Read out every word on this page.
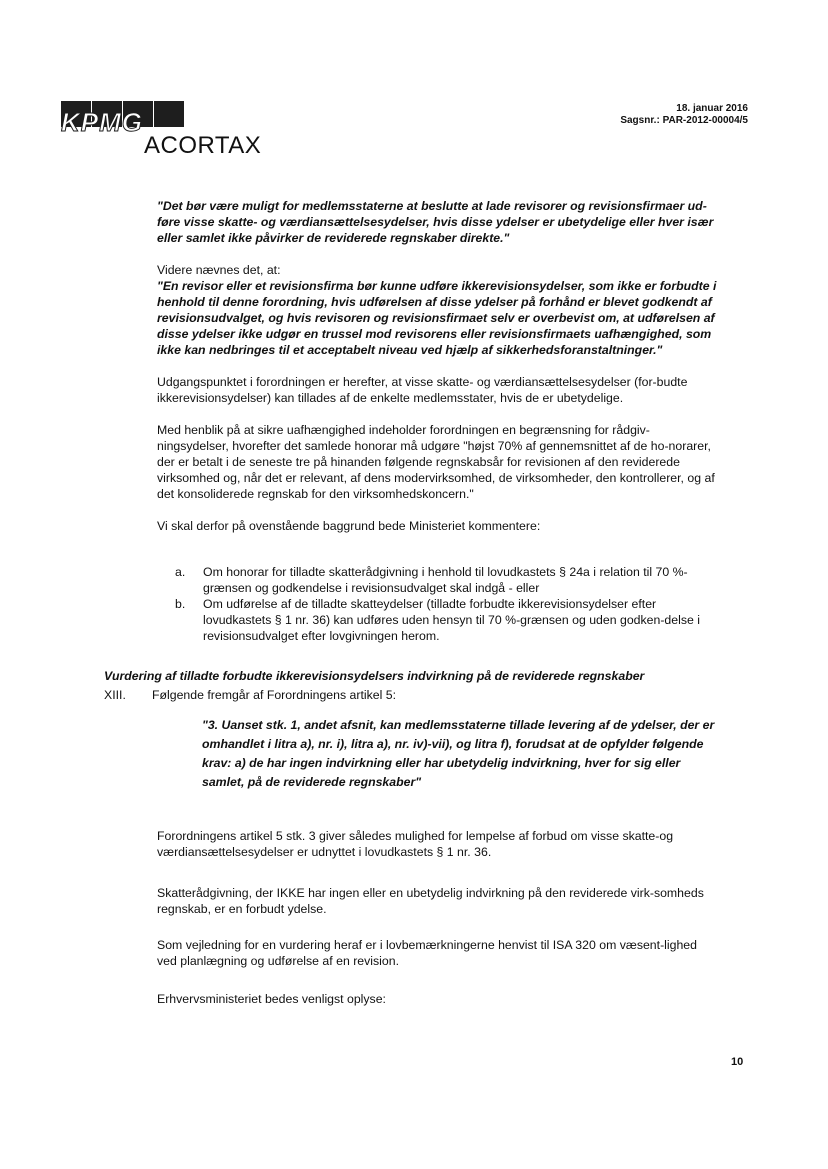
KPMG
ACORTAX
18. januar 2016
Sagsnr.: PAR-2012-00004/5

"Det bør være muligt for medlemsstaterne at beslutte at lade revisorer og revisionsfirmaer ud-føre visse skatte- og værdiansættelsesydelser, hvis disse ydelser er ubetydelige eller hver især eller samlet ikke påvirker de reviderede regnskaber direkte."

Videre nævnes det, at:

"En revisor eller et revisionsfirma bør kunne udføre ikkerevisionsydelser, som ikke er forbudte i henhold til denne forordning, hvis udførelsen af disse ydelser på forhånd er blevet godkendt af revisionsudvalget, og hvis revisoren og revisionsfirmaet selv er overbevist om, at udførelsen af disse ydelser ikke udgør en trussel mod revisorens eller revisionsfirmaets uafhængighed, som ikke kan nedbringes til et acceptabelt niveau ved hjælp af sikkerhedsforanstaltninger."

Udgangspunktet i forordningen er herefter, at visse skatte- og værdiansættelsesydelser (for-budte ikkerevisionsydelser) kan tillades af de enkelte medlemsstater, hvis de er ubetydelige.

Med henblik på at sikre uafhængighed indeholder forordningen en begrænsning for rådgiv-ningsydelser, hvorefter det samlede honorar må udgøre "højst 70% af gennemsnittet af de ho-norarer, der er betalt i de seneste tre på hinanden følgende regnskabsår for revisionen af den reviderede virksomhed og, når det er relevant, af dens modervirksomhed, de virksomheder, den kontrollerer, og af det konsoliderede regnskab for den virksomhedskoncern."

Vi skal derfor på ovenstående baggrund bede Ministeriet kommentere:

a.	Om honorar for tilladte skatterådgivning i henhold til lovudkastets § 24a i relation til 70 %-grænsen og godkendelse i revisionsudvalget skal indgå - eller
b.	Om udførelse af de tilladte skatteydelser (tilladte forbudte ikkerevisionsydelser efter lovudkastets § 1 nr. 36) kan udføres uden hensyn til 70 %-grænsen og uden godken-delse i revisionsudvalget efter lovgivningen herom.
Vurdering af tilladte forbudte ikkerevisionsydelsers indvirkning på de reviderede regnskaber
XIII.	Følgende fremgår af Forordningens artikel 5:
"3. Uanset stk. 1, andet afsnit, kan medlemsstaterne tillade levering af de ydelser, der er omhandlet i litra a), nr. i), litra a), nr. iv)-vii), og litra f), forudsat at de opfylder følgende krav: a) de har ingen indvirkning eller har ubetydelig indvirkning, hver for sig eller samlet, på de reviderede regnskaber"
Forordningens artikel 5 stk. 3 giver således mulighed for lempelse af forbud om visse skatte-og værdiansættelsesydelser er udnyttet i lovudkastets § 1 nr. 36.
Skatterådgivning, der IKKE har ingen eller en ubetydelig indvirkning på den reviderede virk-somheds regnskab, er en forbudt ydelse.
Som vejledning for en vurdering heraf er i lovbemærkningerne henvist til ISA 320 om væsent-lighed ved planlægning og udførelse af en revision.
Erhvervsministeriet bedes venligst oplyse:
10
